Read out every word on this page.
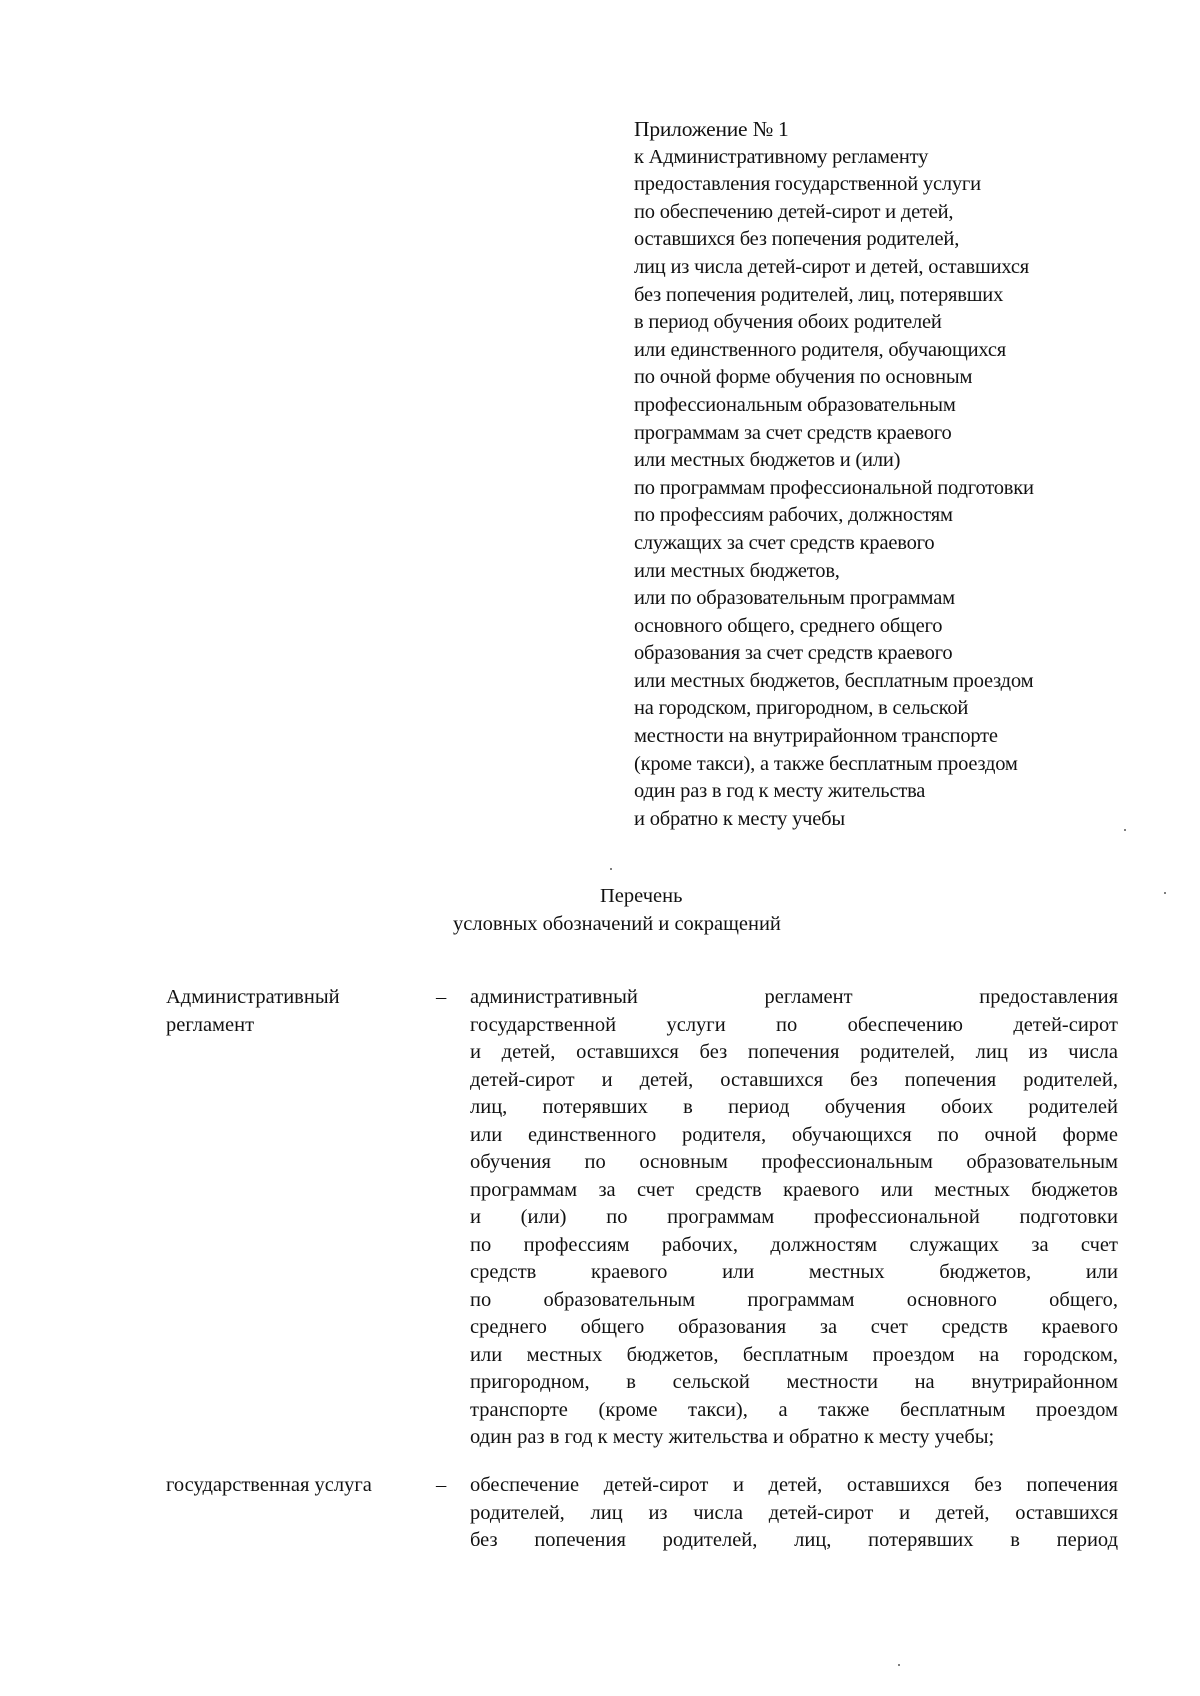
Приложение № 1
к Административному регламенту
предоставления государственной услуги
по обеспечению детей-сирот и детей,
оставшихся без попечения родителей,
лиц из числа детей-сирот и детей, оставшихся
без попечения родителей, лиц, потерявших
в период обучения обоих родителей
или единственного родителя, обучающихся
по очной форме обучения по основным
профессиональным образовательным
программам за счет средств краевого
или местных бюджетов и (или)
по программам профессиональной подготовки
по профессиям рабочих, должностям
служащих за счет средств краевого
или местных бюджетов,
или по образовательным программам
основного общего, среднего общего
образования за счет средств краевого
или местных бюджетов, бесплатным проездом
на городском, пригородном, в сельской
местности на внутрирайонном транспорте
(кроме такси), а также бесплатным проездом
один раз в год к месту жительства
и обратно к месту учебы
Перечень
условных обозначений и сокращений
Административный регламент
– административный регламент предоставления
государственной услуги по обеспечению детей-сирот
и детей, оставшихся без попечения родителей, лиц из числа
детей-сирот и детей, оставшихся без попечения родителей,
лиц, потерявших в период обучения обоих родителей
или единственного родителя, обучающихся по очной форме
обучения по основным профессиональным образовательным
программам за счет средств краевого или местных бюджетов
и (или) по программам профессиональной подготовки
по профессиям рабочих, должностям служащих за счет
средств краевого или местных бюджетов, или
по образовательным программам основного общего,
среднего общего образования за счет средств краевого
или местных бюджетов, бесплатным проездом на городском,
пригородном, в сельской местности на внутрирайонном
транспорте (кроме такси), а также бесплатным проездом
один раз в год к месту жительства и обратно к месту учебы;
государственная услуга	– обеспечение детей-сирот и детей, оставшихся без попечения
родителей, лиц из числа детей-сирот и детей, оставшихся
без попечения родителей, лиц, потерявших в период
